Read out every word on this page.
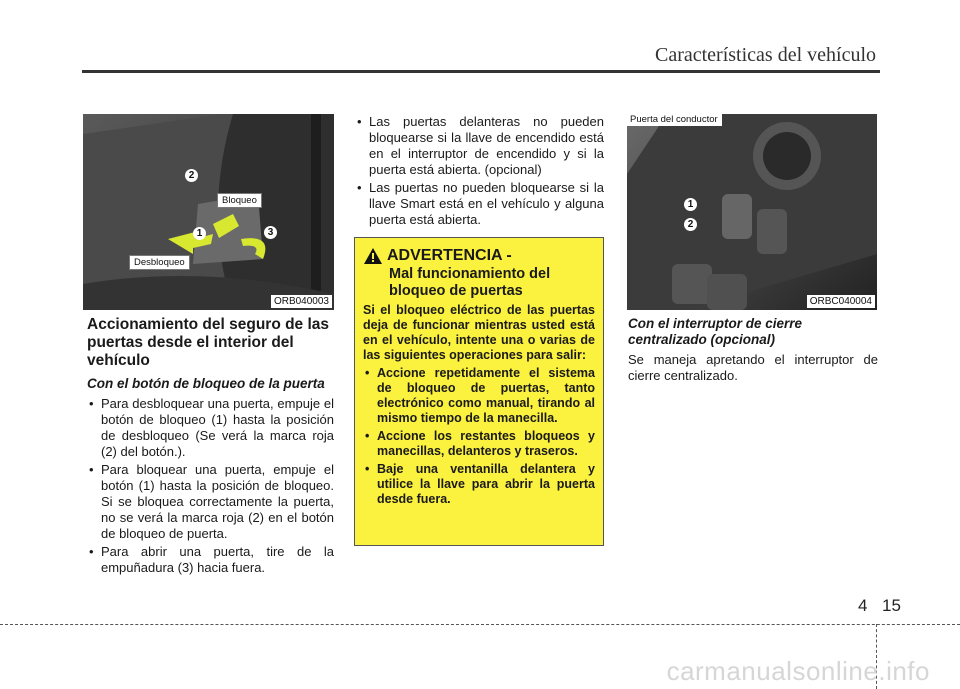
Características del vehículo
Bloqueo
Desbloqueo
2
1	3
ORB040003
Accionamiento del seguro de las puertas desde el interior del vehículo
Con el botón de bloqueo de la puerta
• Para desbloquear una puerta, empuje el botón de bloqueo (1) hasta la posición de desbloqueo (Se verá la marca roja (2) del botón.).
• Para bloquear una puerta, empuje el botón (1) hasta la posición de bloqueo. Si se bloquea correctamente la puerta, no se verá la marca roja (2) en el botón de bloqueo de puerta.
• Para abrir una puerta, tire de la empuñadura (3) hacia fuera.
• Las puertas delanteras no pueden bloquearse si la llave de encendido está en el interruptor de encendido y si la puerta está abierta. (opcional)
• Las puertas no pueden bloquearse si la llave Smart está en el vehículo y alguna puerta está abierta.
ADVERTENCIA -
Mal funcionamiento del bloqueo de puertas
Si el bloqueo eléctrico de las puertas deja de funcionar mientras usted está en el vehículo, intente una o varias de las siguientes operaciones para salir:
• Accione repetidamente el sistema de bloqueo de puertas, tanto electrónico como manual, tirando al mismo tiempo de la manecilla.
• Accione los restantes bloqueos y manecillas, delanteros y traseros.
• Baje una ventanilla delantera y utilice la llave para abrir la puerta desde fuera.
Puerta del conductor
1
2
ORBC040004
Con el interruptor de cierre centralizado (opcional)

Se maneja apretando el interruptor de cierre centralizado.

4 15
carmanualsonline.info
